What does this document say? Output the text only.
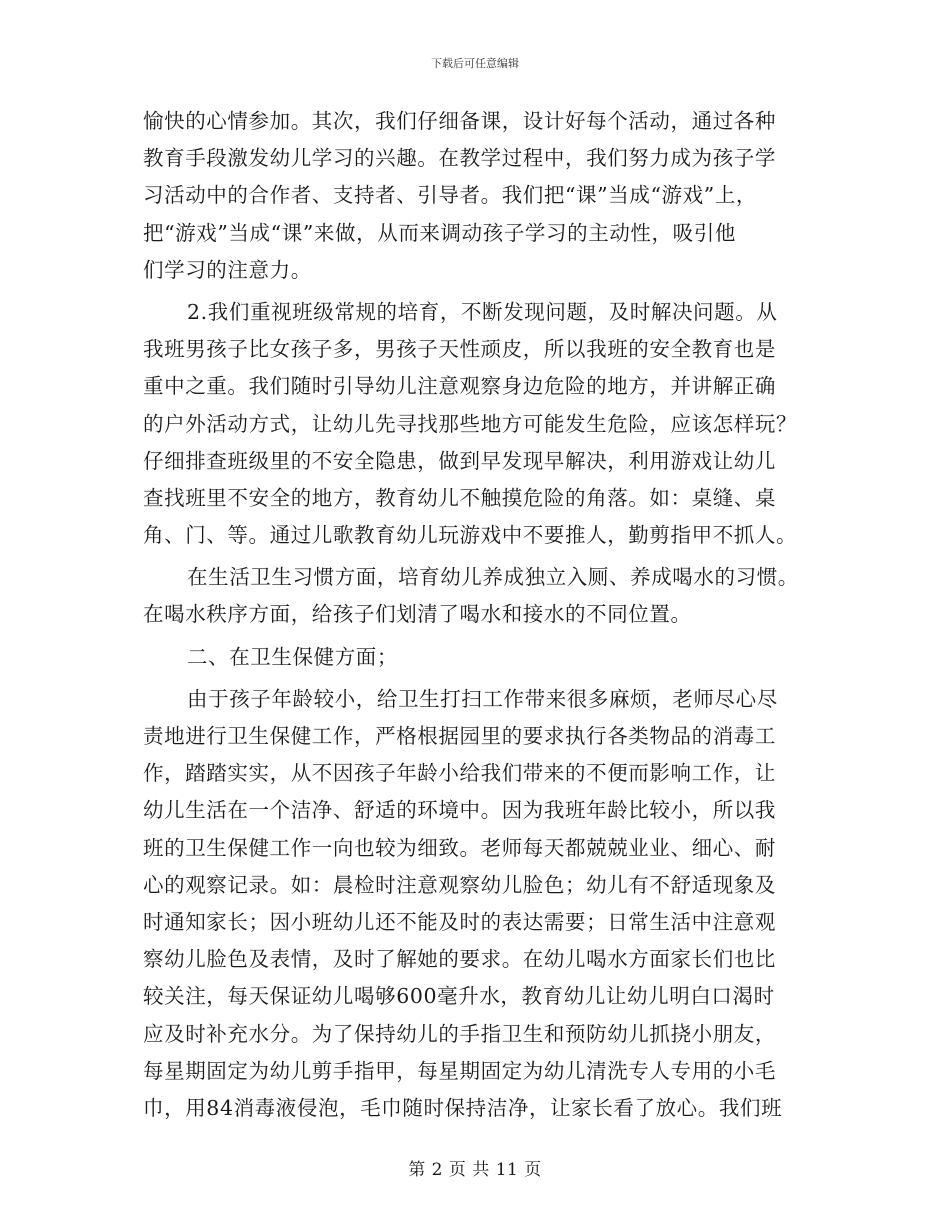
下载后可任意编辑
愉快的心情参加。其次，我们仔细备课，设计好每个活动，通过各种
教育手段激发幼儿学习的兴趣。在教学过程中，我们努力成为孩子学
习活动中的合作者、支持者、引导者。我们把“课”当成“游戏”上，
把“游戏”当成“课”来做，从而来调动孩子学习的主动性，吸引他
们学习的注意力。
2.我们重视班级常规的培育，不断发现问题，及时解决问题。从
我班男孩子比女孩子多，男孩子天性顽皮，所以我班的安全教育也是
重中之重。我们随时引导幼儿注意观察身边危险的地方，并讲解正确
的户外活动方式，让幼儿先寻找那些地方可能发生危险，应该怎样玩？
仔细排查班级里的不安全隐患，做到早发现早解决，利用游戏让幼儿
查找班里不安全的地方，教育幼儿不触摸危险的角落。如：桌缝、桌
角、门、等。通过儿歌教育幼儿玩游戏中不要推人，勤剪指甲不抓人。
在生活卫生习惯方面，培育幼儿养成独立入厕、养成喝水的习惯。
在喝水秩序方面，给孩子们划清了喝水和接水的不同位置。
二、在卫生保健方面；
由于孩子年龄较小，给卫生打扫工作带来很多麻烦，老师尽心尽
责地进行卫生保健工作，严格根据园里的要求执行各类物品的消毒工
作，踏踏实实，从不因孩子年龄小给我们带来的不便而影响工作，让
幼儿生活在一个洁净、舒适的环境中。因为我班年龄比较小，所以我
班的卫生保健工作一向也较为细致。老师每天都兢兢业业、细心、耐
心的观察记录。如：晨检时注意观察幼儿脸色；幼儿有不舒适现象及
时通知家长；因小班幼儿还不能及时的表达需要；日常生活中注意观
察幼儿脸色及表情，及时了解她的要求。在幼儿喝水方面家长们也比
较关注，每天保证幼儿喝够600毫升水，教育幼儿让幼儿明白口渴时
应及时补充水分。为了保持幼儿的手指卫生和预防幼儿抓挠小朋友，
每星期固定为幼儿剪手指甲，每星期固定为幼儿清洗专人专用的小毛
巾，用84消毒液侵泡，毛巾随时保持洁净，让家长看了放心。我们班
第 2 页 共 11 页
